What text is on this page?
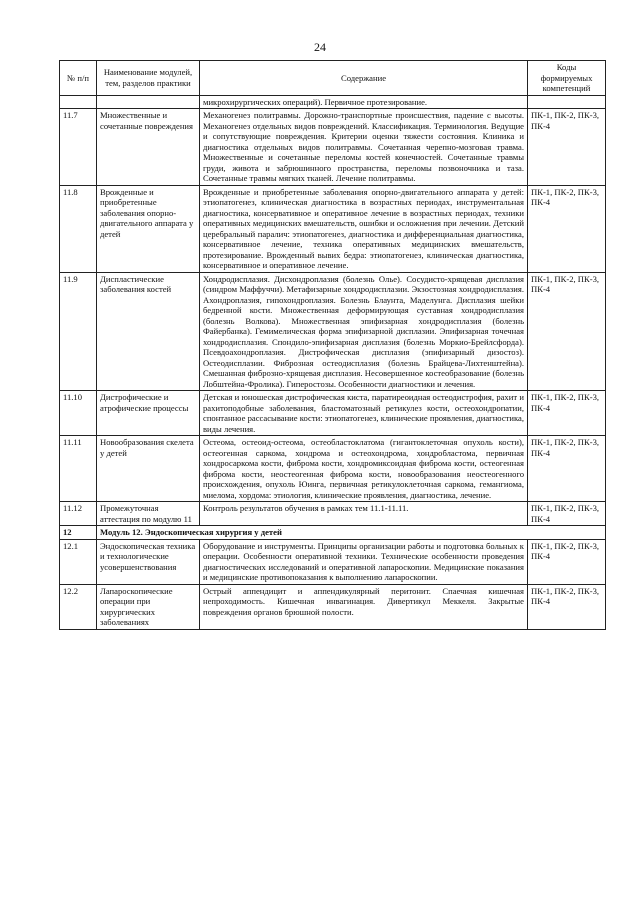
24
№ п/п	Наименование модулей, тем, разделов практики	Содержание	Коды формируемых компетенций
		микрохирургических операций). Первичное протезирование.	
11.7	Множественные и сочетанные повреждения	Механогенез политравмы. Дорожно-транспортные происшествия, падение с высоты. Механогенез отдельных видов повреждений. Классификация. Терминология. Ведущие и сопутствующие повреждения. Критерии оценки тяжести состояния. Клиника и диагностика отдельных видов политравмы. Сочетанная черепно-мозговая травма. Множественные и сочетанные переломы костей конечностей. Сочетанные травмы груди, живота и забрюшинного пространства, переломы позвоночника и таза. Сочетанные травмы мягких тканей. Лечение политравмы.	ПК-1, ПК-2, ПК-3, ПК-4
11.8	Врожденные и приобретенные заболевания опорно-двигательного аппарата у детей	Врожденные и приобретенные заболевания опорно-двигательного аппарата у детей: этиопатогенез, клиническая диагностика в возрастных периодах, инструментальная диагностика, консервативное и оперативное лечение в возрастных периодах, техники оперативных медицинских вмешательств, ошибки и осложнения при лечении. Детский церебральный паралич: этиопатогенез, диагностика и дифференциальная диагностика, консервативное лечение, техника оперативных медицинских вмешательств, протезирование. Врожденный вывих бедра: этиопатогенез, клиническая диагностика, консервативное и оперативное лечение.	ПК-1, ПК-2, ПК-3, ПК-4
11.9	Диспластические заболевания костей	Хондродисплазия. Дисхондроплазия (болезнь Олье). Сосудисто-хрящевая дисплазия (синдром Маффуччи). Метафизарные хондродисплазии. Экзостозная хондродисплазия. Ахондроплазия, гипохондроплазия. Болезнь Блаунта, Маделунга. Дисплазия шейки бедренной кости. Множественная деформирующая суставная хондродисплазия (болезнь Волкова). Множественная эпифизарная хондродисплазия (болезнь Файербанка). Гемимелическая форма эпифизарной дисплазии. Эпифизарная точечная хондродисплазия. Спондило-эпифизарная дисплазия (болезнь Моркио-Брейлсфорда). Псевдоахондроплазия. Дистрофическая дисплазия (эпифизарный дизостоз). Остеодисплазии. Фиброзная остеодисплазия (болезнь Брайцева-Лихтенштейна). Смешанная фиброзно-хрящевая дисплазия. Несовершенное костеобразование (болезнь Лобштейна-Фролика). Гиперостозы. Особенности диагностики и лечения.	ПК-1, ПК-2, ПК-3, ПК-4
11.10	Дистрофические и атрофические процессы	Детская и юношеская дистрофическая киста, паратиреоидная остеодистрофия, рахит и рахитоподобные заболевания, бластоматозный ретикулез кости, остеохондропатии, спонтанное рассасывание кости: этиопатогенез, клинические проявления, диагностика, виды лечения.	ПК-1, ПК-2, ПК-3, ПК-4
11.11	Новообразования скелета у детей	Остеома, остеоид-остеома, остеобластоклатома (гигантоклеточная опухоль кости), остеогенная саркома, хондрома и остеохондрома, хондробластома, первичная хондросаркома кости, фиброма кости, хондромиксоидная фиброма кости, остеогенная фиброма кости, неостеогенная фиброма кости, новообразования неостеогенного происхождения, опухоль Юинга, первичная ретикулоклеточная саркома, гемангиома, миелома, хордома: этиология, клинические проявления, диагностика, лечение.	ПК-1, ПК-2, ПК-3, ПК-4
11.12	Промежуточная аттестация по модулю 11	Контроль результатов обучения в рамках тем 11.1-11.11.	ПК-1, ПК-2, ПК-3, ПК-4
12	Модуль 12. Эндоскопическая хирургия у детей		
12.1	Эндоскопическая техника и технологические усовершенствования	Оборудование и инструменты. Принципы организации работы и подготовка больных к операции. Особенности оперативной техники. Технические особенности проведения диагностических исследований и оперативной лапароскопии. Медицинские показания и медицинские противопоказания к выполнению лапароскопии.	ПК-1, ПК-2, ПК-3, ПК-4
12.2	Лапароскопические операции при хирургических заболеваниях	Острый аппендицит и аппендикулярный перитонит. Спаечная кишечная непроходимость. Кишечная инвагинация. Дивертикул Меккеля. Закрытые повреждения органов брюшной полости.	ПК-1, ПК-2, ПК-3, ПК-4
